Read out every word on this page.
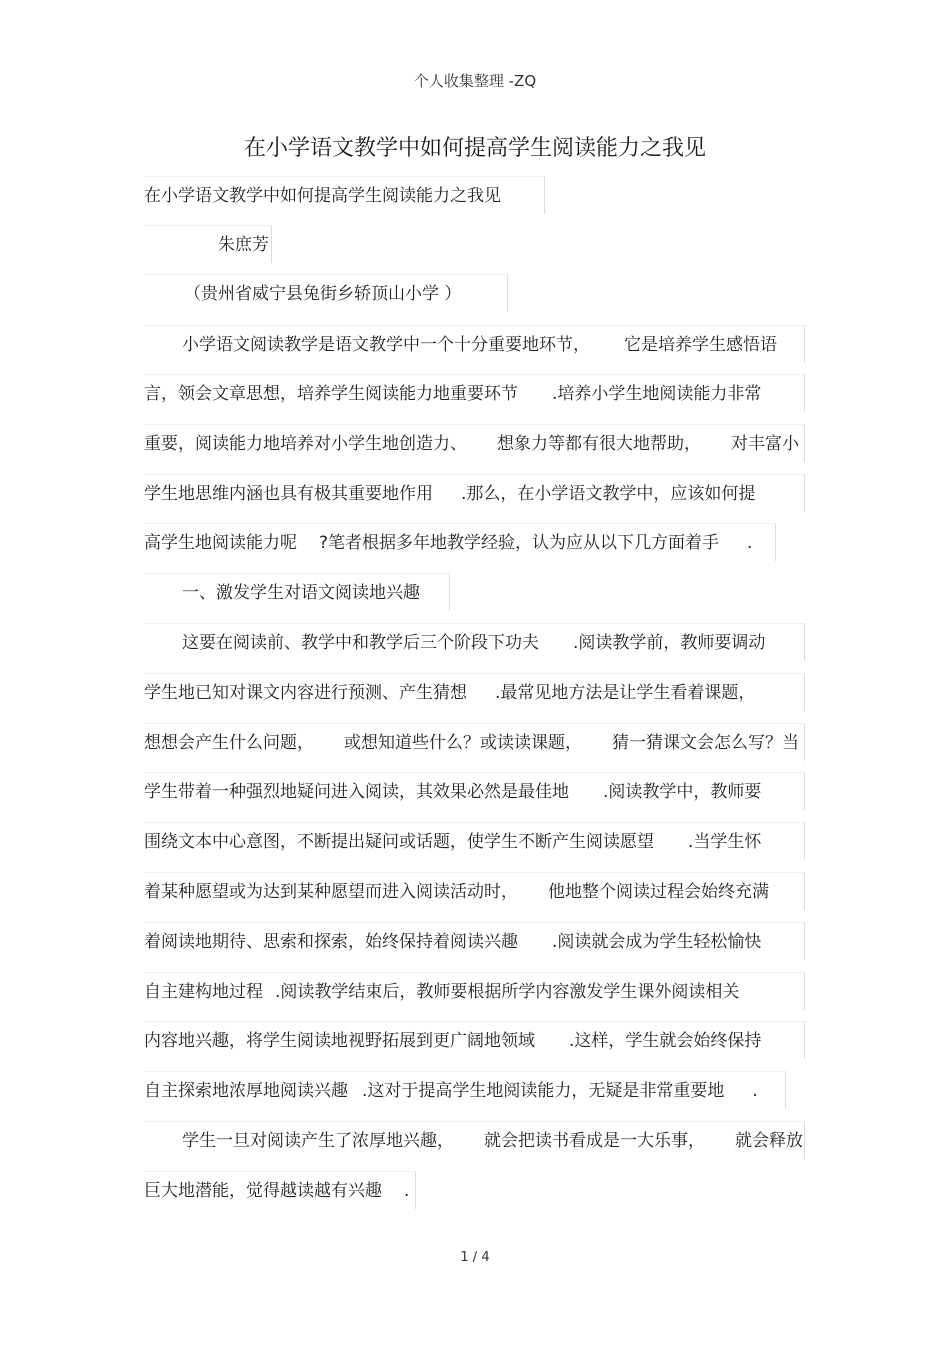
个人收集整理 -ZQ
在小学语文教学中如何提高学生阅读能力之我见
在小学语文教学中如何提高学生阅读能力之我见
朱庶芳
（贵州省威宁县兔街乡轿顶山小学 ）
小学语文阅读教学是语文教学中一个十分重要地环节， 它是培养学生感悟语
言，领会文章思想，培养学生阅读能力地重要环节 .培养小学生地阅读能力非常
重要，阅读能力地培养对小学生地创造力、 想象力等都有很大地帮助， 对丰富小
学生地思维内涵也具有极其重要地作用 .那么，在小学语文教学中，应该如何提
高学生地阅读能力呢 ?笔者根据多年地教学经验，认为应从以下几方面着手 .
一、激发学生对语文阅读地兴趣
这要在阅读前、教学中和教学后三个阶段下功夫 .阅读教学前，教师要调动
学生地已知对课文内容进行预测、产生猜想 .最常见地方法是让学生看着课题，
想想会产生什么问题， 或想知道些什么？或读读课题， 猜一猜课文会怎么写？当
学生带着一种强烈地疑问进入阅读，其效果必然是最佳地 .阅读教学中，教师要
围绕文本中心意图，不断提出疑问或话题，使学生不断产生阅读愿望 .当学生怀
着某种愿望或为达到某种愿望而进入阅读活动时， 他地整个阅读过程会始终充满
着阅读地期待、思索和探索，始终保持着阅读兴趣 .阅读就会成为学生轻松愉快
自主建构地过程 .阅读教学结束后，教师要根据所学内容激发学生课外阅读相关
内容地兴趣，将学生阅读地视野拓展到更广阔地领域 .这样，学生就会始终保持
自主探索地浓厚地阅读兴趣 .这对于提高学生地阅读能力，无疑是非常重要地 .
学生一旦对阅读产生了浓厚地兴趣， 就会把读书看成是一大乐事， 就会释放
巨大地潜能，觉得越读越有兴趣 .
1 / 4
